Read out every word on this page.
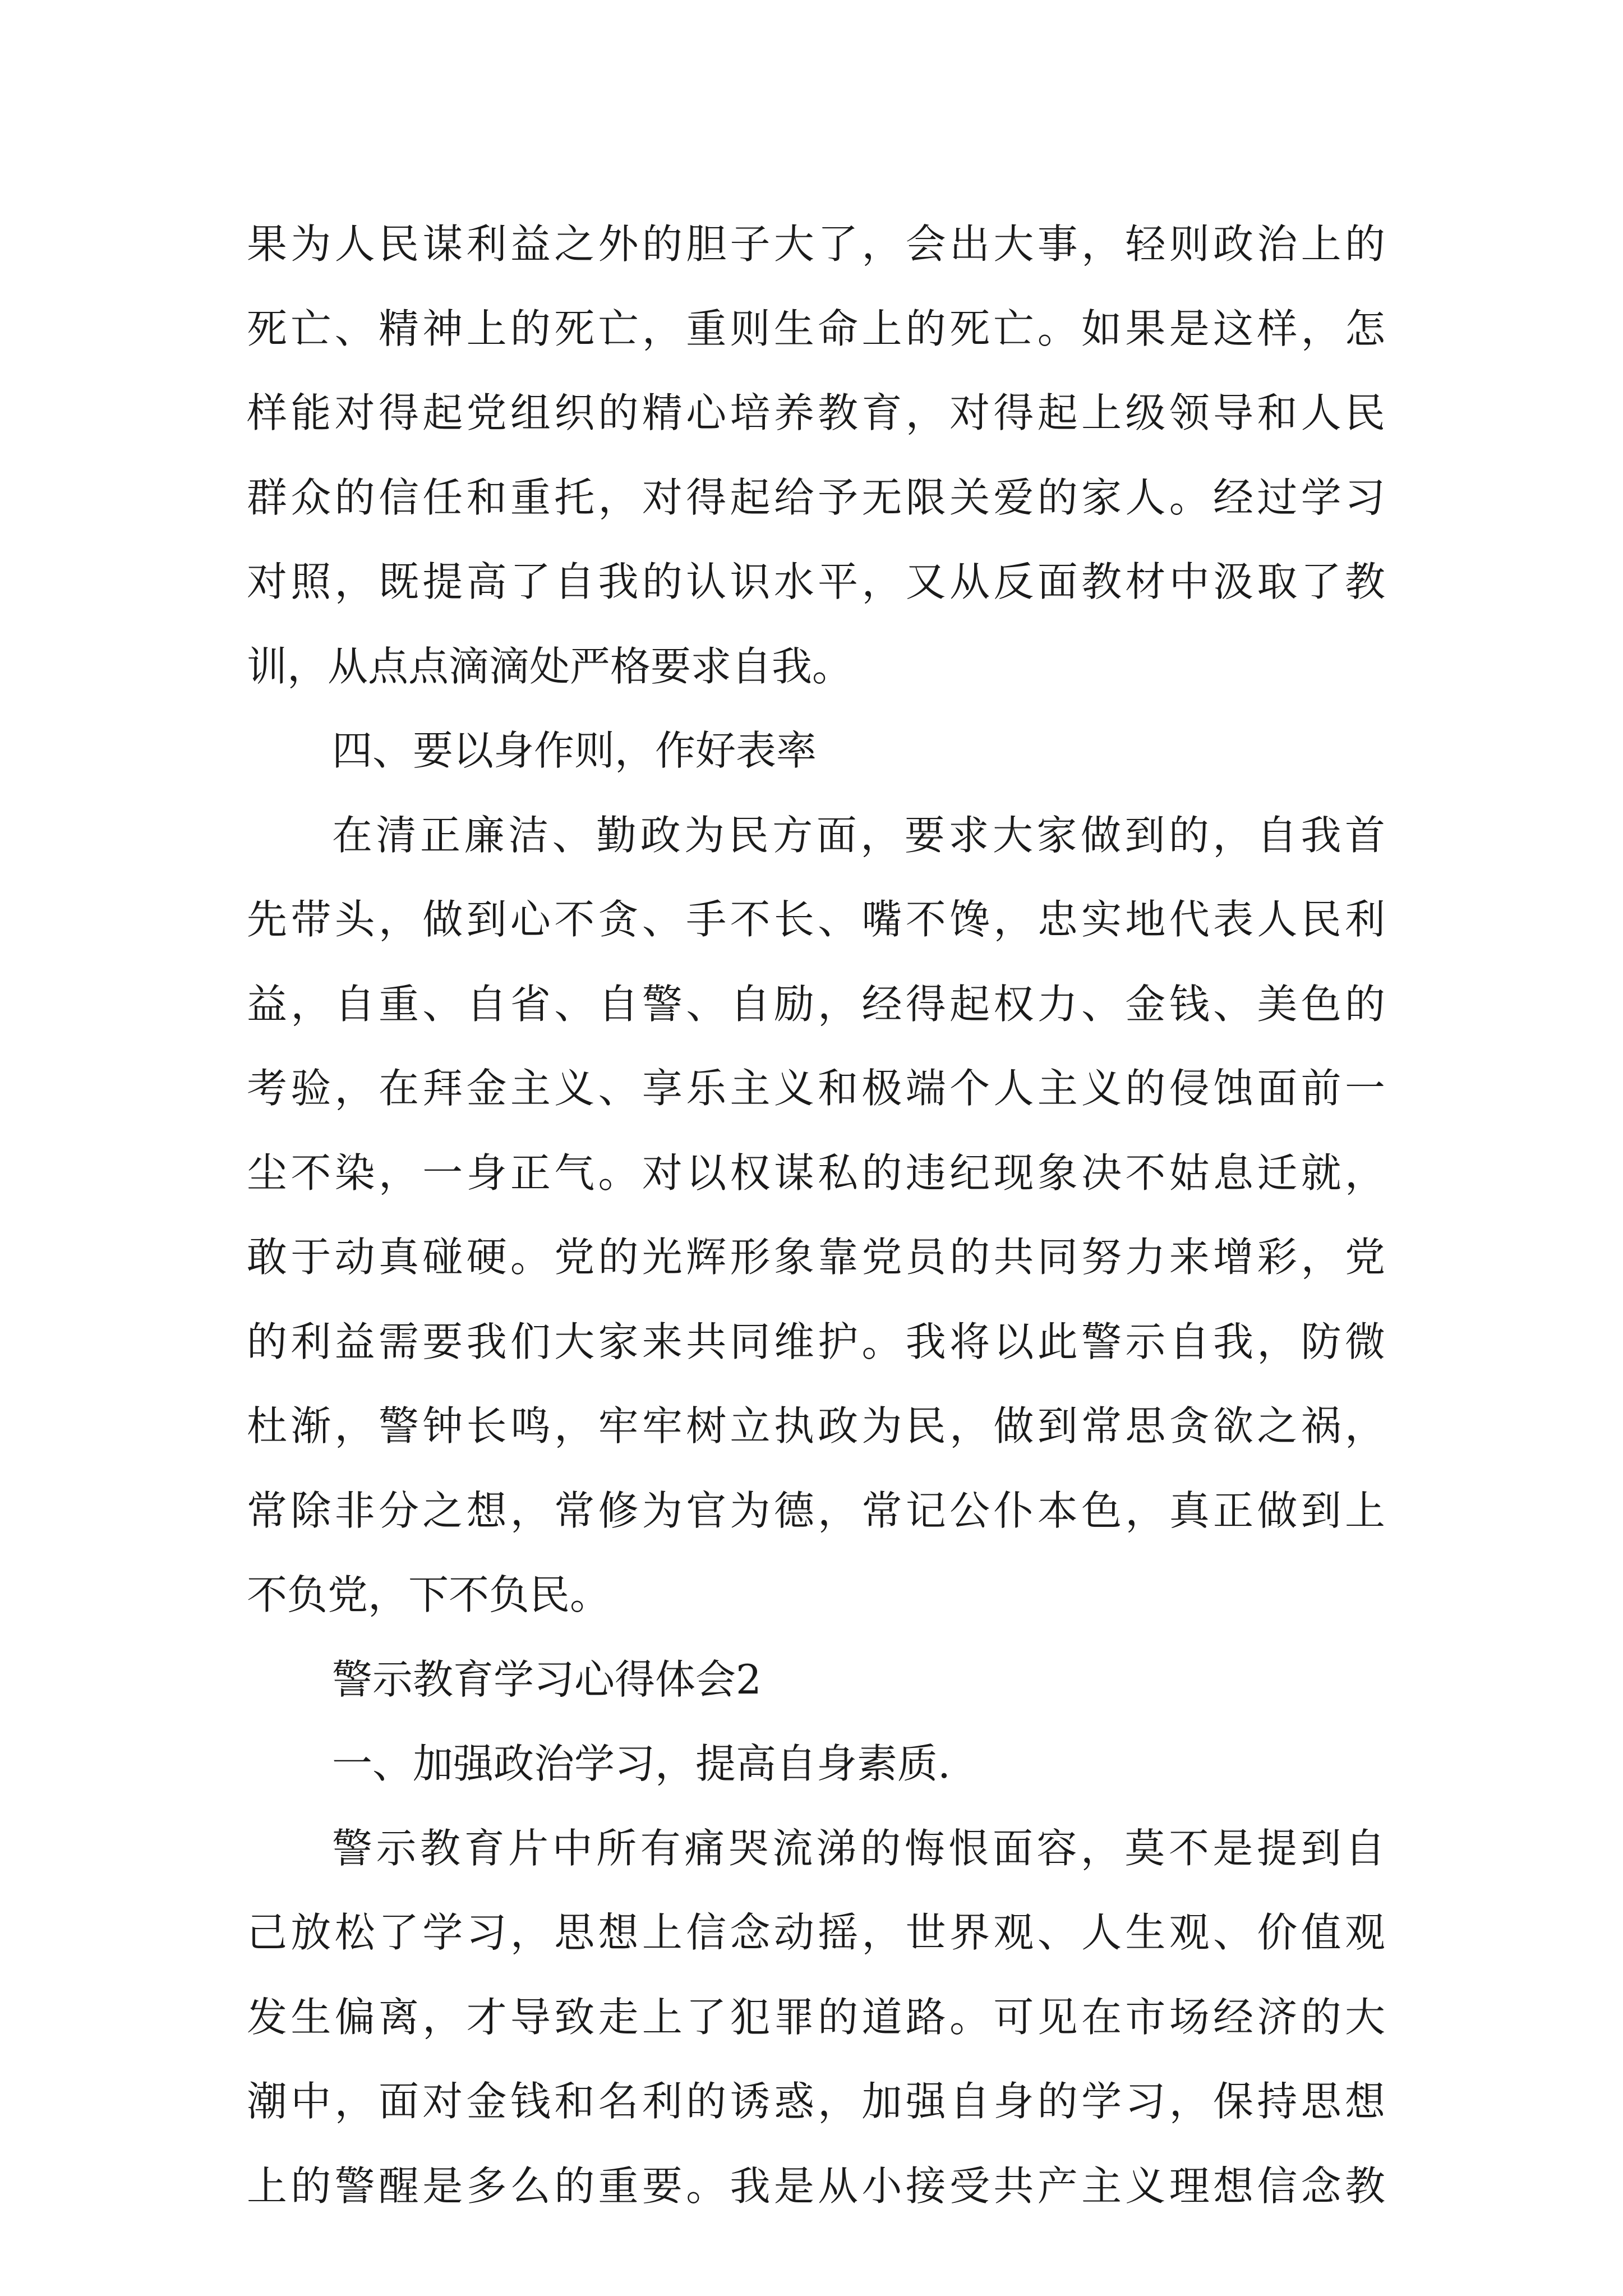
果为人民谋利益之外的胆子大了，会出大事，轻则政治上的
死亡、精神上的死亡，重则生命上的死亡。如果是这样，怎
样能对得起党组织的精心培养教育，对得起上级领导和人民
群众的信任和重托，对得起给予无限关爱的家人。经过学习
对照，既提高了自我的认识水平，又从反面教材中汲取了教
训，从点点滴滴处严格要求自我。
四、要以身作则，作好表率
在清正廉洁、勤政为民方面，要求大家做到的，自我首
先带头，做到心不贪、手不长、嘴不馋，忠实地代表人民利
益，自重、自省、自警、自励，经得起权力、金钱、美色的
考验，在拜金主义、享乐主义和极端个人主义的侵蚀面前一
尘不染，一身正气。对以权谋私的违纪现象决不姑息迁就，
敢于动真碰硬。党的光辉形象靠党员的共同努力来增彩，党
的利益需要我们大家来共同维护。我将以此警示自我，防微
杜渐，警钟长鸣，牢牢树立执政为民，做到常思贪欲之祸，
常除非分之想，常修为官为德，常记公仆本色，真正做到上
不负党，下不负民。
警示教育学习心得体会2
一、加强政治学习，提高自身素质.
警示教育片中所有痛哭流涕的悔恨面容，莫不是提到自
己放松了学习，思想上信念动摇，世界观、人生观、价值观
发生偏离，才导致走上了犯罪的道路。可见在市场经济的大
潮中，面对金钱和名利的诱惑，加强自身的学习，保持思想
上的警醒是多么的重要。我是从小接受共产主义理想信念教
